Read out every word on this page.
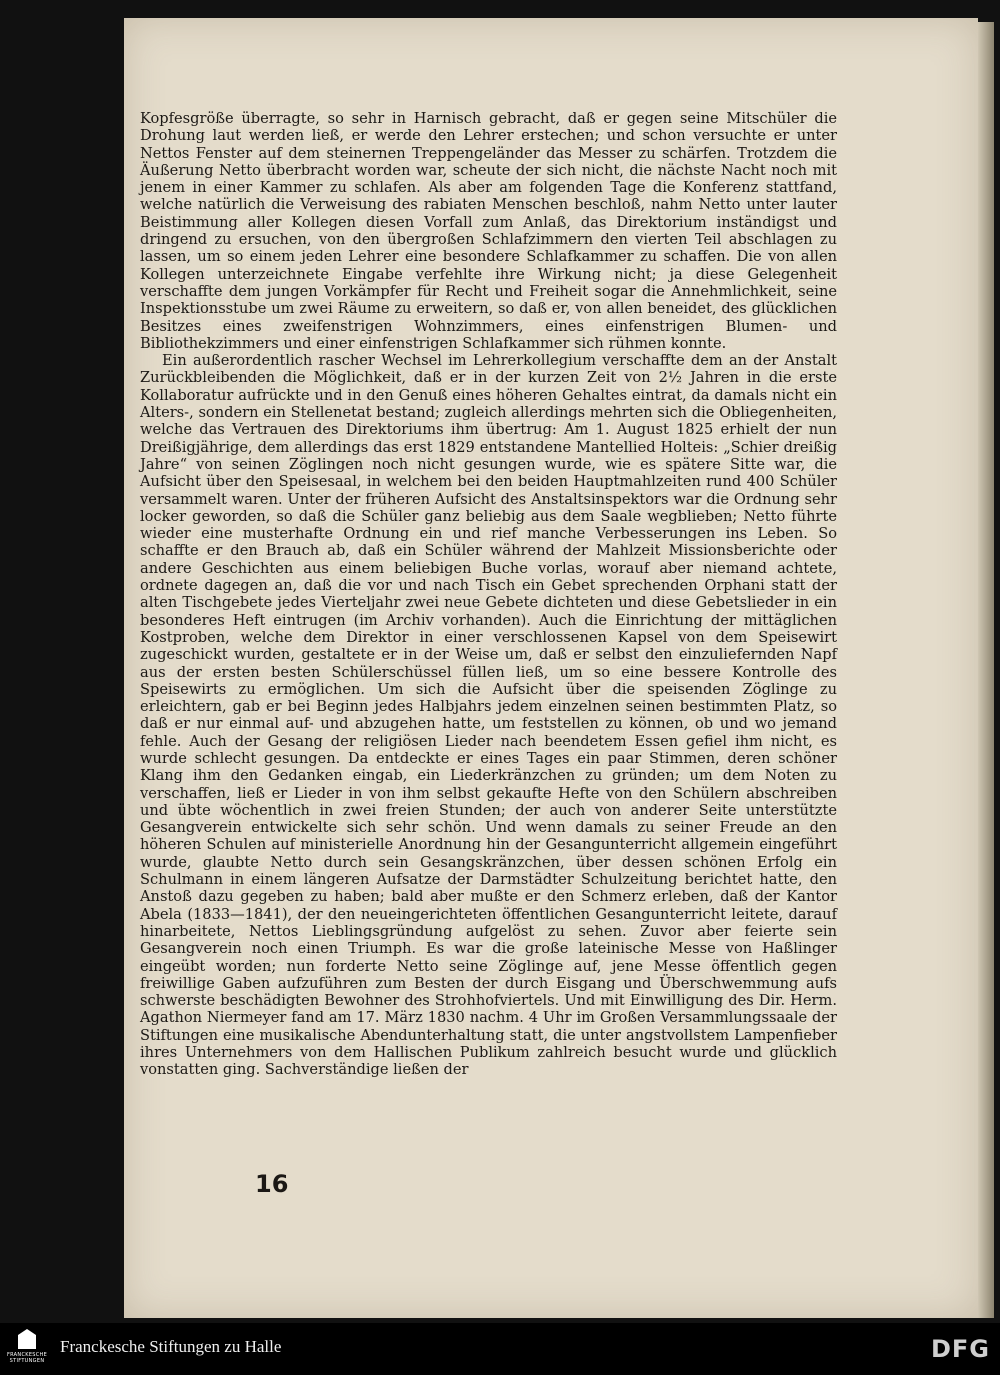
Kopfesgröße überragte, so sehr in Harnisch gebracht, daß er gegen seine Mitschüler die Drohung laut werden ließ, er werde den Lehrer erstechen; und schon versuchte er unter Nettos Fenster auf dem steinernen Treppengeländer das Messer zu schärfen. Trotzdem die Äußerung Netto überbracht worden war, scheute der sich nicht, die nächste Nacht noch mit jenem in einer Kammer zu schlafen. Als aber am folgenden Tage die Konferenz stattfand, welche natürlich die Verweisung des rabiaten Menschen beschloß, nahm Netto unter lauter Beistimmung aller Kollegen diesen Vorfall zum Anlaß, das Direktorium inständigst und dringend zu ersuchen, von den übergroßen Schlafzimmern den vierten Teil abschlagen zu lassen, um so einem jeden Lehrer eine besondere Schlafkammer zu schaffen. Die von allen Kollegen unterzeichnete Eingabe verfehlte ihre Wirkung nicht; ja diese Gelegenheit verschaffte dem jungen Vorkämpfer für Recht und Freiheit sogar die Annehmlichkeit, seine Inspektionsstube um zwei Räume zu erweitern, so daß er, von allen beneidet, des glücklichen Besitzes eines zweifenstrigen Wohnzimmers, eines einfenstrigen Blumen- und Bibliothekzimmers und einer einfenstrigen Schlafkammer sich rühmen konnte.

Ein außerordentlich rascher Wechsel im Lehrerkollegium verschaffte dem an der Anstalt Zurückbleibenden die Möglichkeit, daß er in der kurzen Zeit von 2½ Jahren in die erste Kollaboratur aufrückte und in den Genuß eines höheren Gehaltes eintrat, da damals nicht ein Alters-, sondern ein Stellenetat bestand; zugleich allerdings mehrten sich die Obliegenheiten, welche das Vertrauen des Direktoriums ihm übertrug: Am 1. August 1825 erhielt der nun Dreißigjährige, dem allerdings das erst 1829 entstandene Mantellied Holteis: „Schier dreißig Jahre“ von seinen Zöglingen noch nicht gesungen wurde, wie es spätere Sitte war, die Aufsicht über den Speisesaal, in welchem bei den beiden Hauptmahlzeiten rund 400 Schüler versammelt waren. Unter der früheren Aufsicht des Anstaltsinspektors war die Ordnung sehr locker geworden, so daß die Schüler ganz beliebig aus dem Saale wegblieben; Netto führte wieder eine musterhafte Ordnung ein und rief manche Verbesserungen ins Leben. So schaffte er den Brauch ab, daß ein Schüler während der Mahlzeit Missionsberichte oder andere Geschichten aus einem beliebigen Buche vorlas, worauf aber niemand achtete, ordnete dagegen an, daß die vor und nach Tisch ein Gebet sprechenden Orphani statt der alten Tischgebete jedes Vierteljahr zwei neue Gebete dichteten und diese Gebetslieder in ein besonderes Heft eintrugen (im Archiv vorhanden). Auch die Einrichtung der mittäglichen Kostproben, welche dem Direktor in einer verschlossenen Kapsel von dem Speisewirt zugeschickt wurden, gestaltete er in der Weise um, daß er selbst den einzuliefernden Napf aus der ersten besten Schülerschüssel füllen ließ, um so eine bessere Kontrolle des Speisewirts zu ermöglichen. Um sich die Aufsicht über die speisenden Zöglinge zu erleichtern, gab er bei Beginn jedes Halbjahrs jedem einzelnen seinen bestimmten Platz, so daß er nur einmal auf- und abzugehen hatte, um feststellen zu können, ob und wo jemand fehle. Auch der Gesang der religiösen Lieder nach beendetem Essen gefiel ihm nicht, es wurde schlecht gesungen. Da entdeckte er eines Tages ein paar Stimmen, deren schöner Klang ihm den Gedanken eingab, ein Liederkränzchen zu gründen; um dem Noten zu verschaffen, ließ er Lieder in von ihm selbst gekaufte Hefte von den Schülern abschreiben und übte wöchentlich in zwei freien Stunden; der auch von anderer Seite unterstützte Gesangverein entwickelte sich sehr schön. Und wenn damals zu seiner Freude an den höheren Schulen auf ministerielle Anordnung hin der Gesangunterricht allgemein eingeführt wurde, glaubte Netto durch sein Gesangskränzchen, über dessen schönen Erfolg ein Schulmann in einem längeren Aufsatze der Darmstädter Schulzeitung berichtet hatte, den Anstoß dazu gegeben zu haben; bald aber mußte er den Schmerz erleben, daß der Kantor Abela (1833—1841), der den neueingerichteten öffentlichen Gesangunterricht leitete, darauf hinarbeitete, Nettos Lieblingsgründung aufgelöst zu sehen. Zuvor aber feierte sein Gesangverein noch einen Triumph. Es war die große lateinische Messe von Haßlinger eingeübt worden; nun forderte Netto seine Zöglinge auf, jene Messe öffentlich gegen freiwillige Gaben aufzuführen zum Besten der durch Eisgang und Überschwemmung aufs schwerste beschädigten Bewohner des Strohhofviertels. Und mit Einwilligung des Dir. Herm. Agathon Niermeyer fand am 17. März 1830 nachm. 4 Uhr im Großen Versammlungssaale der Stiftungen eine musikalische Abendunterhaltung statt, die unter angstvollstem Lampenfieber ihres Unternehmers von dem Hallischen Publikum zahlreich besucht wurde und glücklich vonstatten ging. Sachverständige ließen der

16
FRANCKESCHE
STIFTUNGEN
Franckesche Stiftungen zu Halle	DFG
